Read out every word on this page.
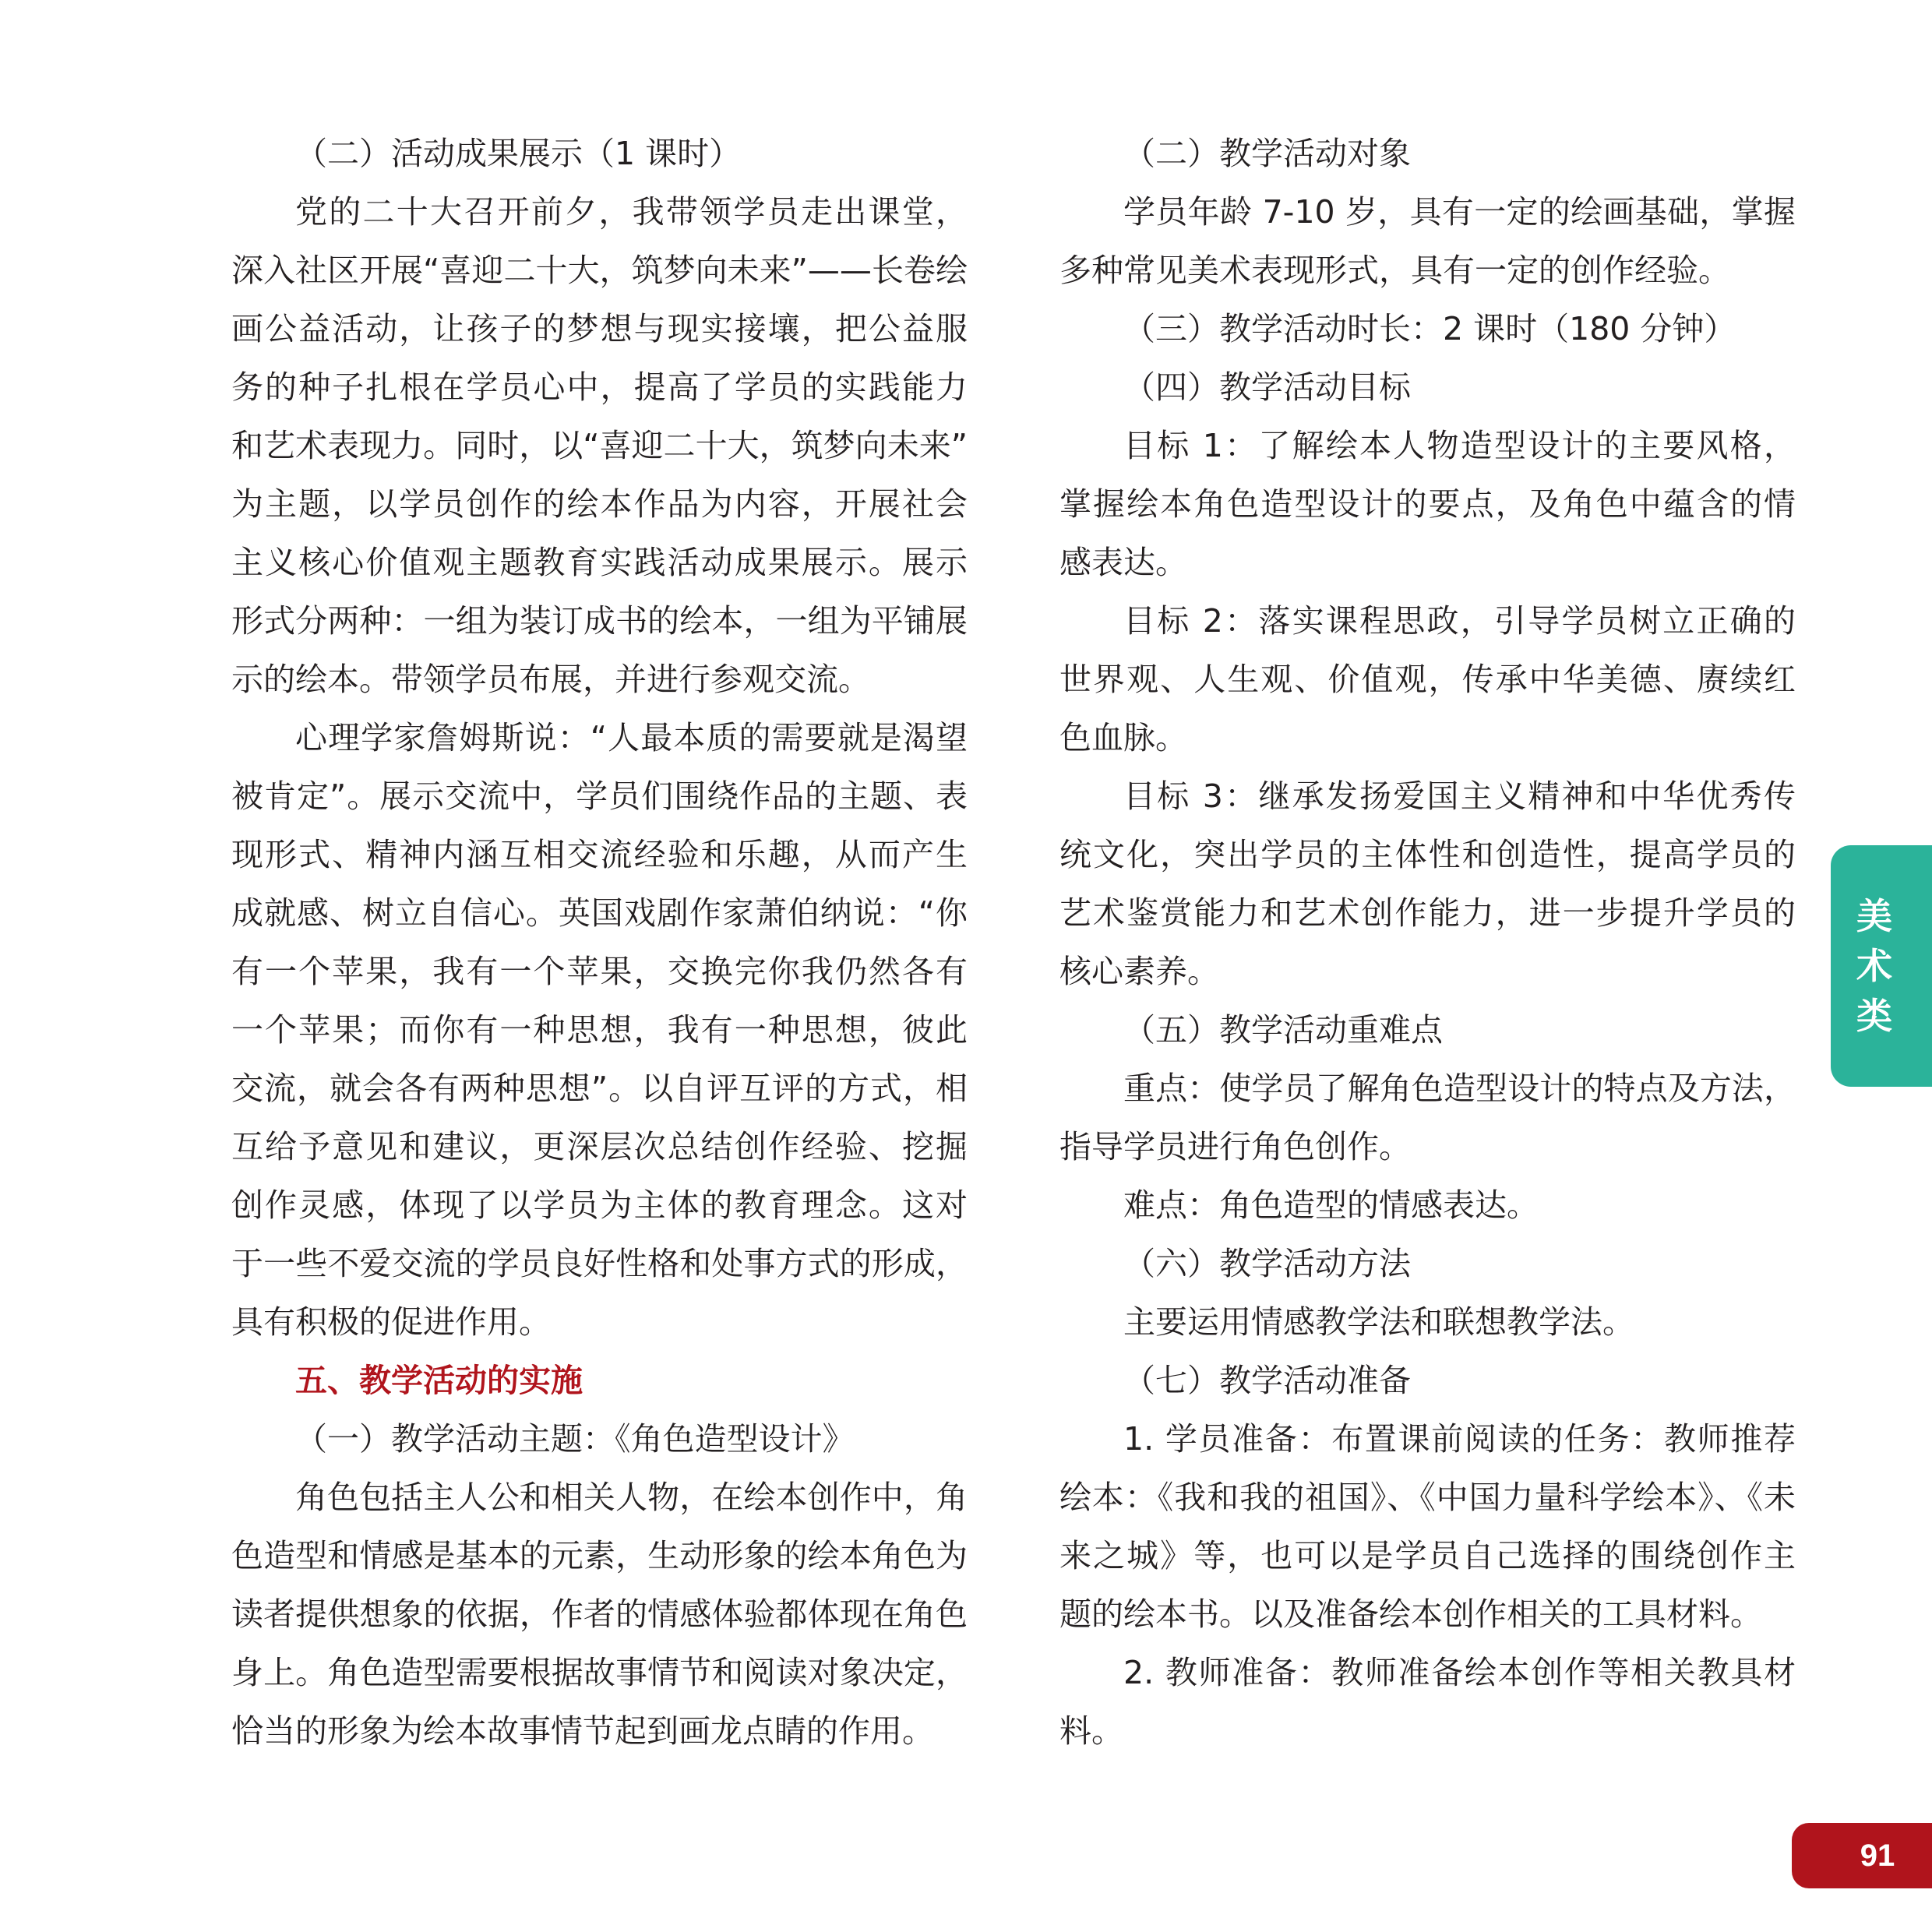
（二）活动成果展示（1 课时）
党的二十大召开前夕，我带领学员走出课堂，
深入社区开展“喜迎二十大，筑梦向未来”——长卷绘
画公益活动，让孩子的梦想与现实接壤，把公益服
务的种子扎根在学员心中，提高了学员的实践能力
和艺术表现力。同时，以“喜迎二十大，筑梦向未来”
为主题，以学员创作的绘本作品为内容，开展社会
主义核心价值观主题教育实践活动成果展示。展示
形式分两种：一组为装订成书的绘本，一组为平铺展
示的绘本。带领学员布展，并进行参观交流。
心理学家詹姆斯说：“人最本质的需要就是渴望
被肯定”。展示交流中，学员们围绕作品的主题、表
现形式、精神内涵互相交流经验和乐趣，从而产生
成就感、树立自信心。英国戏剧作家萧伯纳说：“你
有一个苹果，我有一个苹果，交换完你我仍然各有
一个苹果；而你有一种思想，我有一种思想，彼此
交流，就会各有两种思想”。以自评互评的方式，相
互给予意见和建议，更深层次总结创作经验、挖掘
创作灵感，体现了以学员为主体的教育理念。这对
于一些不爱交流的学员良好性格和处事方式的形成，
具有积极的促进作用。
五、教学活动的实施
（一）教学活动主题：《角色造型设计》
角色包括主人公和相关人物，在绘本创作中，角
色造型和情感是基本的元素，生动形象的绘本角色为
读者提供想象的依据，作者的情感体验都体现在角色
身上。角色造型需要根据故事情节和阅读对象决定，
恰当的形象为绘本故事情节起到画龙点睛的作用。
（二）教学活动对象
学员年龄 7-10 岁，具有一定的绘画基础，掌握
多种常见美术表现形式，具有一定的创作经验。
（三）教学活动时长：2 课时（180 分钟）
（四）教学活动目标
目标 1：了解绘本人物造型设计的主要风格，
掌握绘本角色造型设计的要点，及角色中蕴含的情
感表达。
目标 2：落实课程思政，引导学员树立正确的
世界观、人生观、价值观，传承中华美德、赓续红
色血脉。
目标 3：继承发扬爱国主义精神和中华优秀传
统文化，突出学员的主体性和创造性，提高学员的
艺术鉴赏能力和艺术创作能力，进一步提升学员的
核心素养。
（五）教学活动重难点
重点：使学员了解角色造型设计的特点及方法，
指导学员进行角色创作。
难点：角色造型的情感表达。
（六）教学活动方法
主要运用情感教学法和联想教学法。
（七）教学活动准备
1. 学员准备：布置课前阅读的任务：教师推荐
绘本：《我和我的祖国》、《中国力量科学绘本》、《未
来之城》等，也可以是学员自己选择的围绕创作主
题的绘本书。以及准备绘本创作相关的工具材料。
2. 教师准备：教师准备绘本创作等相关教具材
料。
美
术
类
91
